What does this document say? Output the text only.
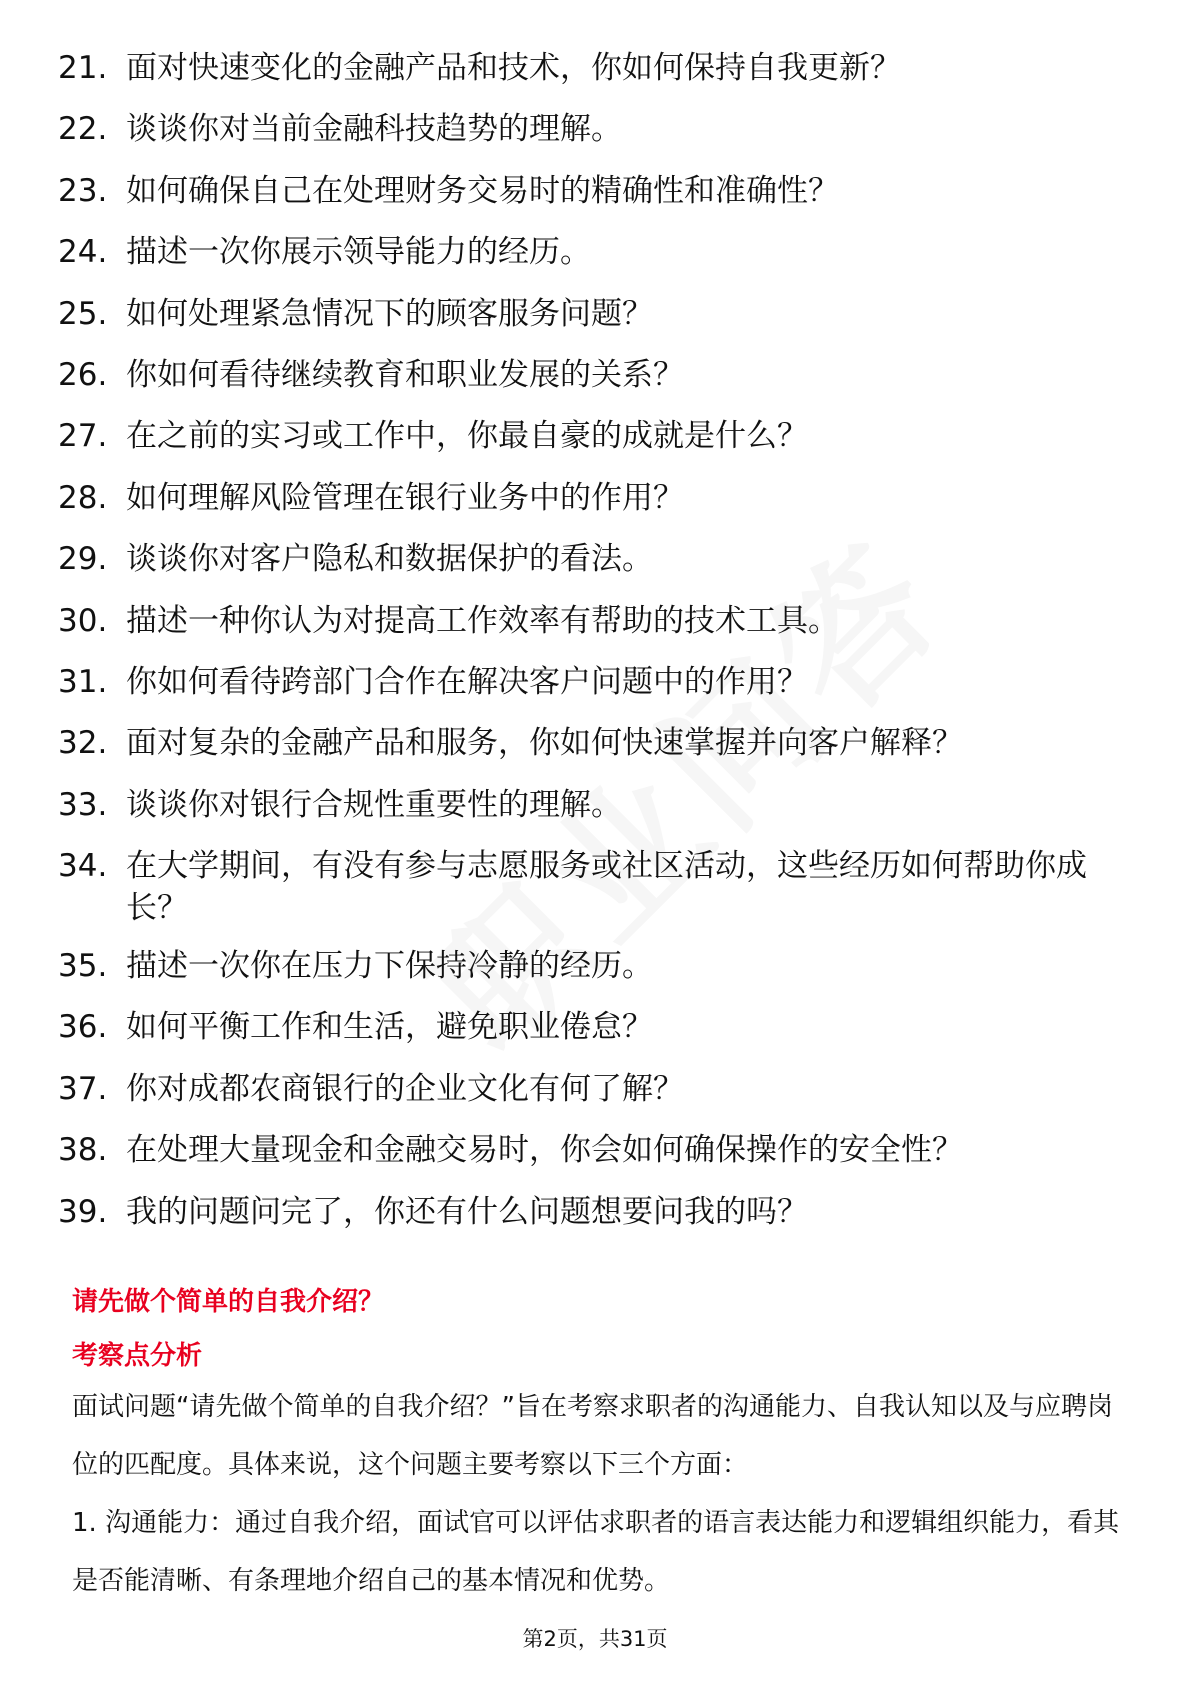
21. 面对快速变化的金融产品和技术，你如何保持自我更新？
22. 谈谈你对当前金融科技趋势的理解。
23. 如何确保自己在处理财务交易时的精确性和准确性？
24. 描述一次你展示领导能力的经历。
25. 如何处理紧急情况下的顾客服务问题？
26. 你如何看待继续教育和职业发展的关系？
27. 在之前的实习或工作中，你最自豪的成就是什么？
28. 如何理解风险管理在银行业务中的作用？
29. 谈谈你对客户隐私和数据保护的看法。
30. 描述一种你认为对提高工作效率有帮助的技术工具。
31. 你如何看待跨部门合作在解决客户问题中的作用？
32. 面对复杂的金融产品和服务，你如何快速掌握并向客户解释？
33. 谈谈你对银行合规性重要性的理解。
34. 在大学期间，有没有参与志愿服务或社区活动，这些经历如何帮助你成长？
35. 描述一次你在压力下保持冷静的经历。
36. 如何平衡工作和生活，避免职业倦怠？
37. 你对成都农商银行的企业文化有何了解？
38. 在处理大量现金和金融交易时，你会如何确保操作的安全性？
39. 我的问题问完了，你还有什么问题想要问我的吗？
请先做个简单的自我介绍？
考察点分析
面试问题“请先做个简单的自我介绍？”旨在考察求职者的沟通能力、自我认知以及与应聘岗位的匹配度。具体来说，这个问题主要考察以下三个方面：
1. 沟通能力：通过自我介绍，面试官可以评估求职者的语言表达能力和逻辑组织能力，看其是否能清晰、有条理地介绍自己的基本情况和优势。
第2页，共31页
